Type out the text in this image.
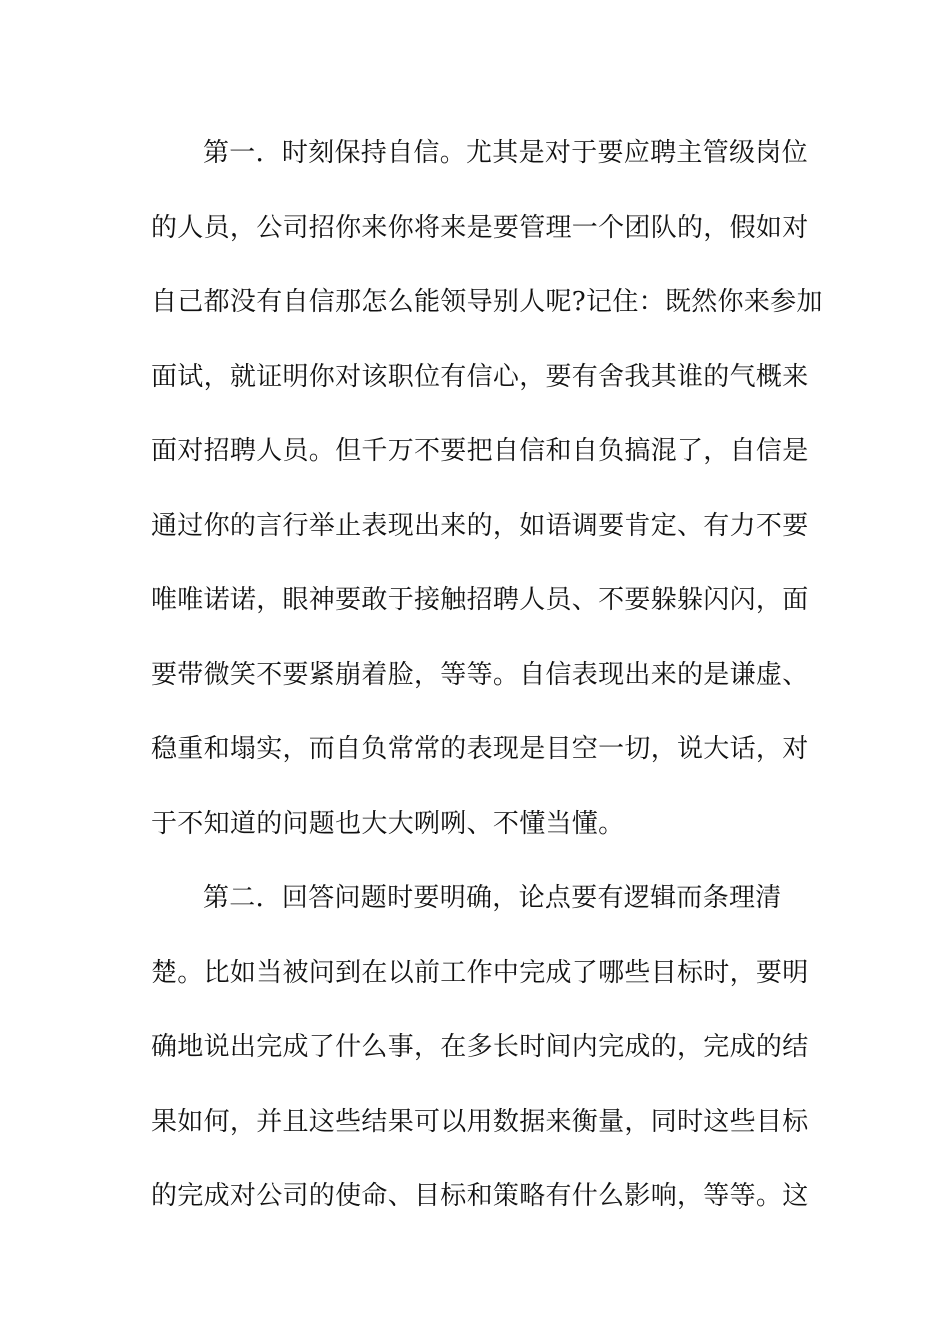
第一．时刻保持自信。尤其是对于要应聘主管级岗位
的人员，公司招你来你将来是要管理一个团队的，假如对
自己都没有自信那怎么能领导别人呢?记住：既然你来参加
面试，就证明你对该职位有信心，要有舍我其谁的气概来
面对招聘人员。但千万不要把自信和自负搞混了，自信是
通过你的言行举止表现出来的，如语调要肯定、有力不要
唯唯诺诺，眼神要敢于接触招聘人员、不要躲躲闪闪，面
要带微笑不要紧崩着脸，等等。自信表现出来的是谦虚、
稳重和塌实，而自负常常的表现是目空一切，说大话，对
于不知道的问题也大大咧咧、不懂当懂。
第二．回答问题时要明确，论点要有逻辑而条理清
楚。比如当被问到在以前工作中完成了哪些目标时，要明
确地说出完成了什么事，在多长时间内完成的，完成的结
果如何，并且这些结果可以用数据来衡量，同时这些目标
的完成对公司的使命、目标和策略有什么影响，等等。这
